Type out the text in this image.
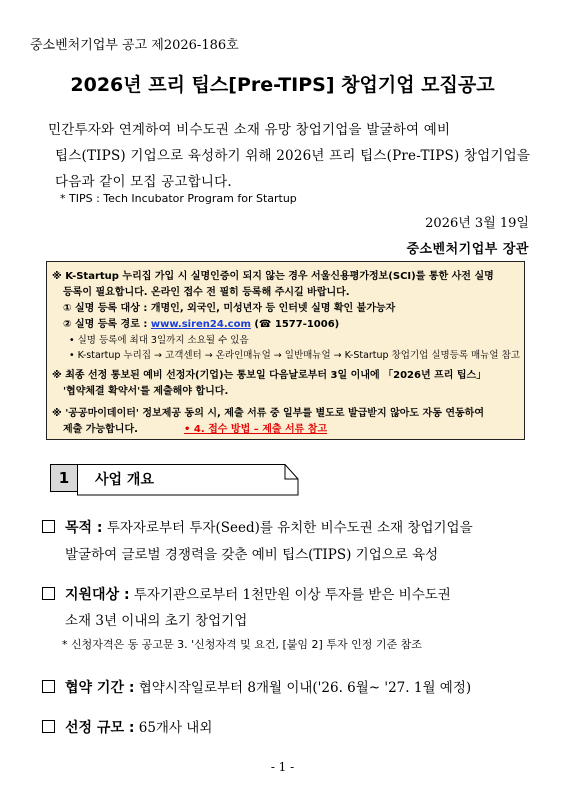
중소벤처기업부 공고 제2026-186호
2026년 프리 팁스[Pre-TIPS] 창업기업 모집공고
민간투자와 연계하여 비수도권 소재 유망 창업기업을 발굴하여 예비
팁스(TIPS) 기업으로 육성하기 위해 2026년 프리 팁스(Pre-TIPS) 창업기업을
다음과 같이 모집 공고합니다.
* TIPS : Tech Incubator Program for Startup
2026년 3월 19일
중소벤처기업부 장관
※ K-Startup 누리집 가입 시 실명인증이 되지 않는 경우 서울신용평가정보(SCI)를 통한 사전 실명
등록이 필요합니다. 온라인 접수 전 필히 등록해 주시길 바랍니다.
① 실명 등록 대상 : 개명인, 외국인, 미성년자 등 인터넷 실명 확인 불가능자
② 실명 등록 경로 : www.siren24.com (☎ 1577-1006)
• 실명 등록에 최대 3일까지 소요될 수 있음
• K-startup 누리집 → 고객센터 → 온라인매뉴얼 → 일반매뉴얼 → K-Startup 창업기업 실명등록 매뉴얼 참고
※ 최종 선정 통보된 예비 선정자(기업)는 통보일 다음날로부터 3일 이내에 「2026년 프리 팁스」
'협약체결 확약서'를 제출해야 합니다.
※ '공공마이데이터' 정보제공 동의 시, 제출 서류 중 일부를 별도로 발급받지 않아도 자동 연동하여
제출 가능합니다.	• 4. 접수 방법 – 제출 서류 참고
1	사업 개요
목적 : 투자자로부터 투자(Seed)를 유치한 비수도권 소재 창업기업을
발굴하여 글로벌 경쟁력을 갖춘 예비 팁스(TIPS) 기업으로 육성
지원대상 : 투자기관으로부터 1천만원 이상 투자를 받은 비수도권
소재 3년 이내의 초기 창업기업
* 신청자격은 동 공고문 3. '신청자격 및 요건, [붙임 2] 투자 인정 기준 참조
협약 기간 : 협약시작일로부터 8개월 이내('26. 6월~ '27. 1월 예정)
선정 규모 : 65개사 내외
- 1 -
